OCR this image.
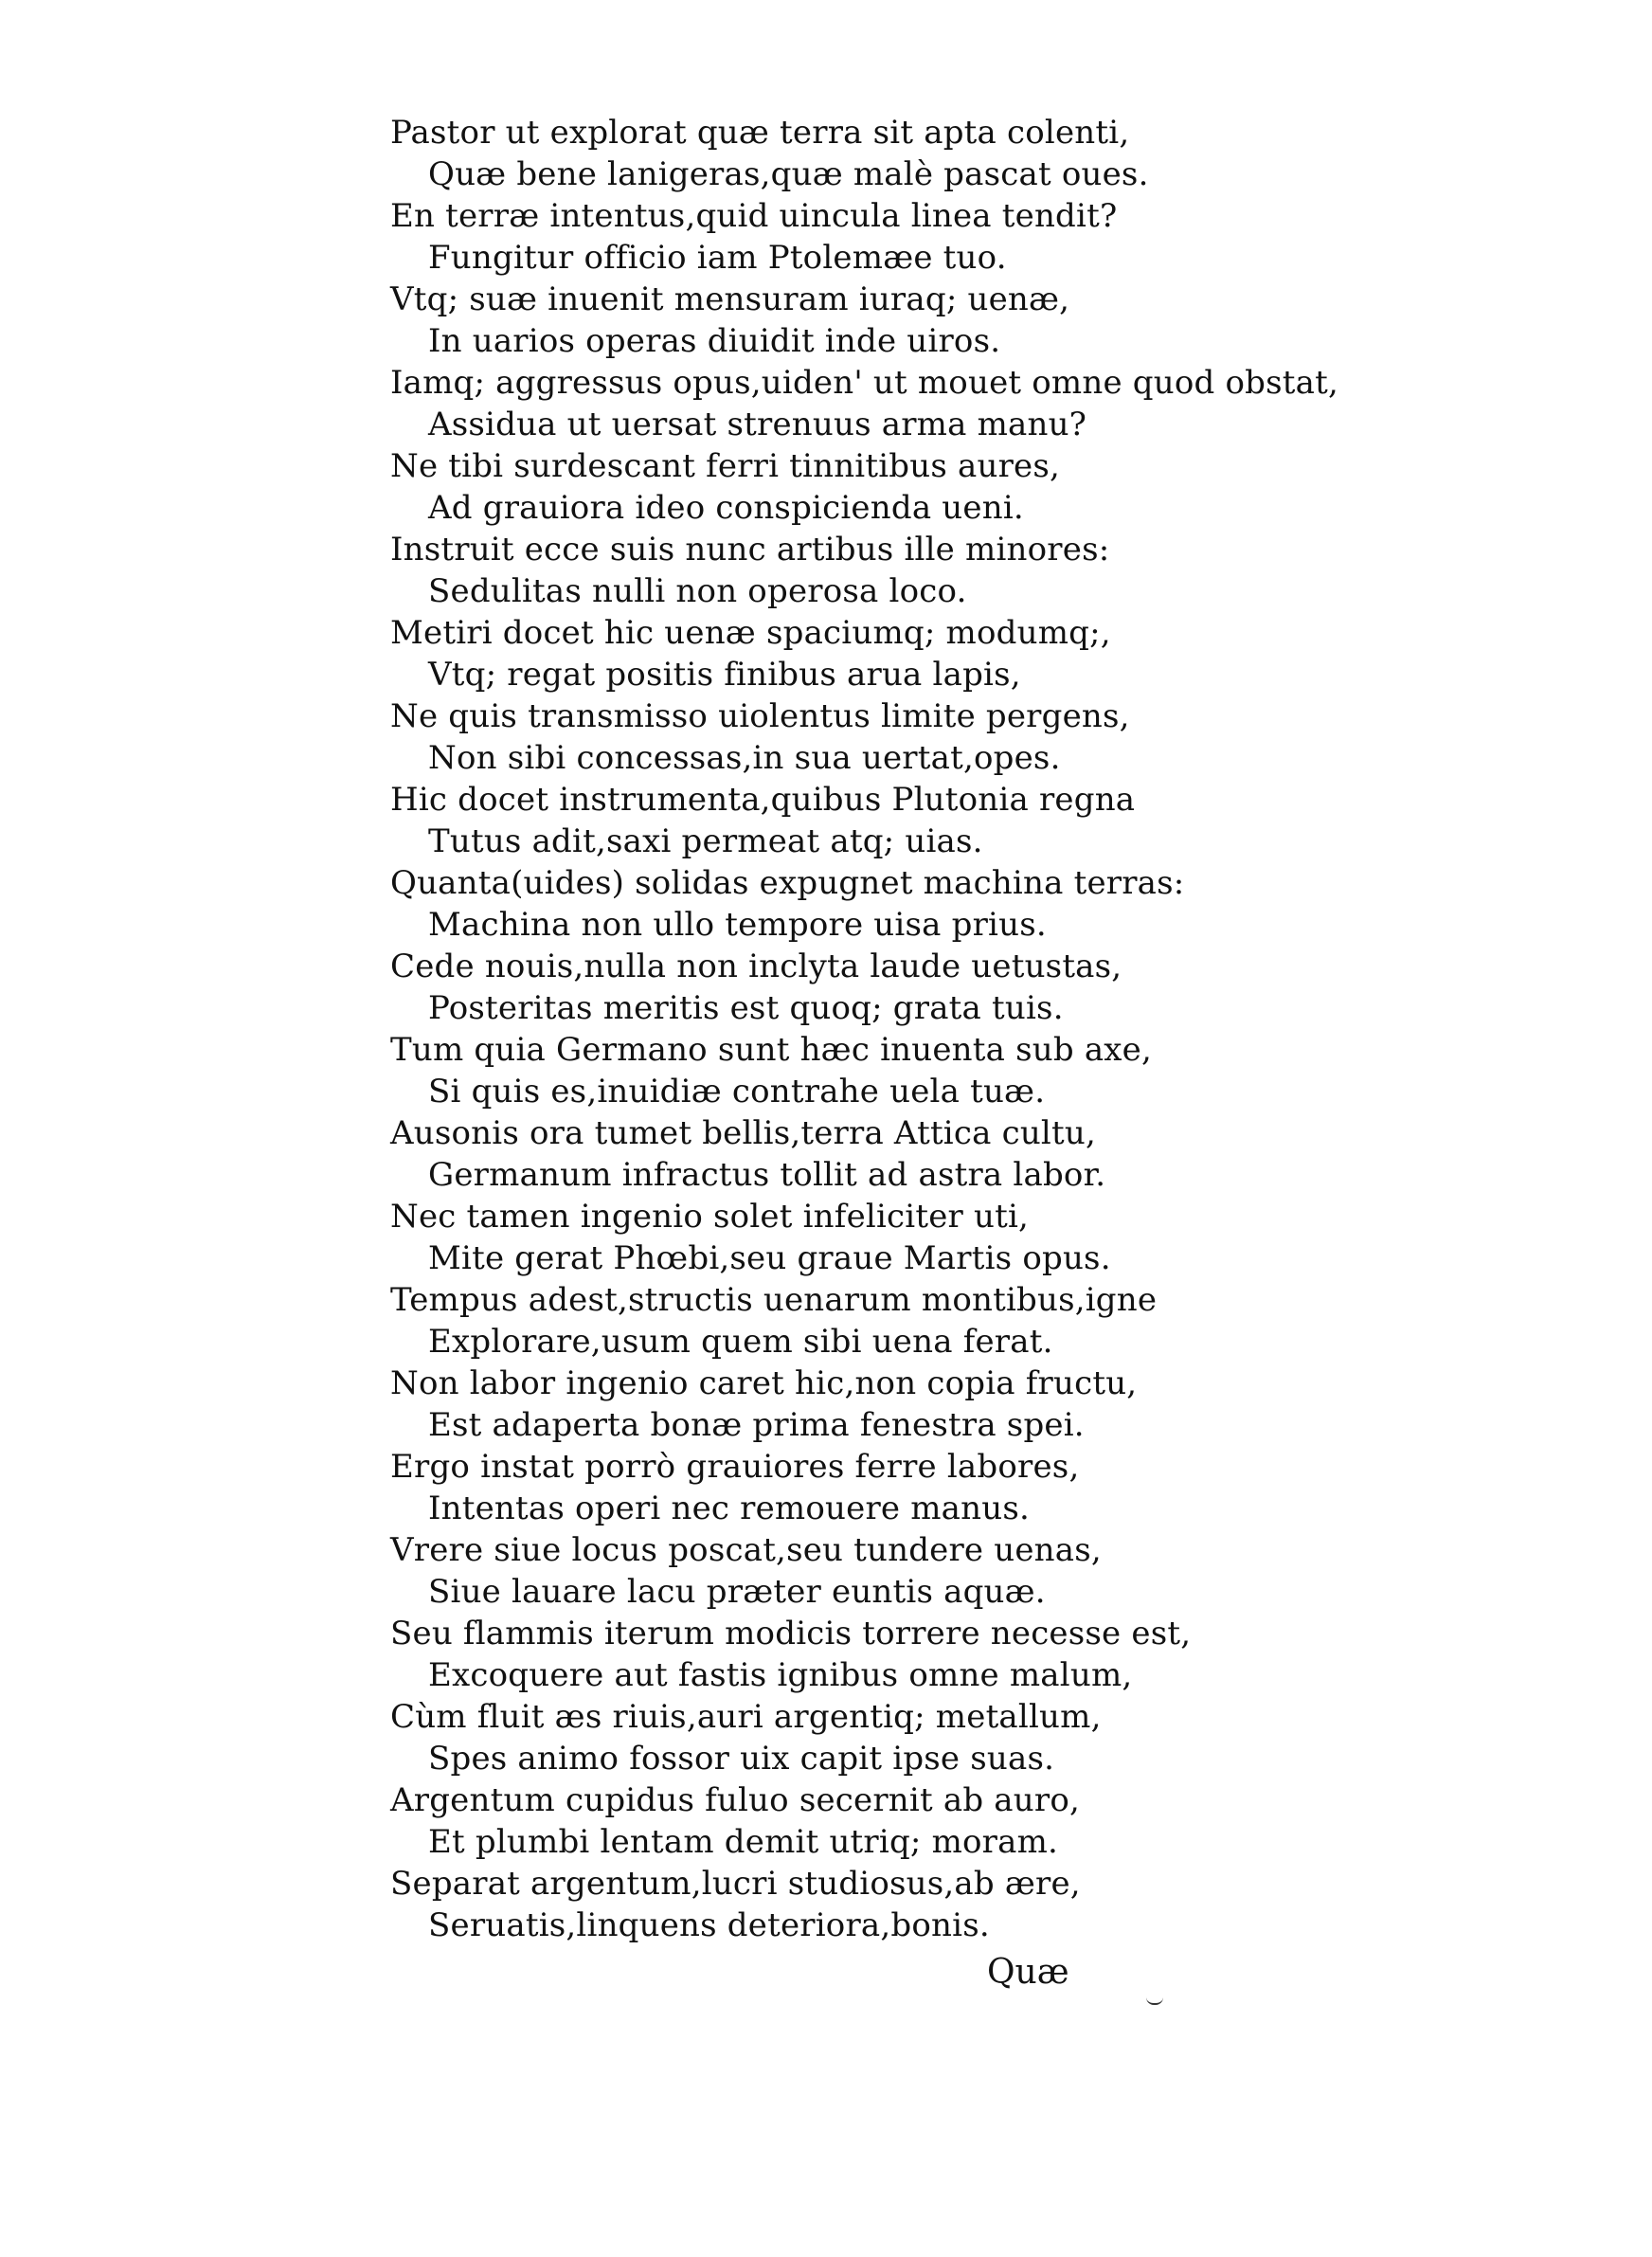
Pastor ut explorat quæ terra sit apta colenti,
Quæ bene lanigeras,quæ malè pascat oues.
En terræ intentus,quid uincula linea tendit?
Fungitur officio iam Ptolemæe tuo.
Vtq; suæ inuenit mensuram iuraq; uenæ,
In uarios operas diuidit inde uiros.
Iamq; aggressus opus,uiden' ut mouet omne quod obstat,
Assidua ut uersat strenuus arma manu?
Ne tibi surdescant ferri tinnitibus aures,
Ad grauiora ideo conspicienda ueni.
Instruit ecce suis nunc artibus ille minores:
Sedulitas nulli non operosa loco.
Metiri docet hic uenæ spaciumq; modumq;,
Vtq; regat positis finibus arua lapis,
Ne quis transmisso uiolentus limite pergens,
Non sibi concessas,in sua uertat,opes.
Hic docet instrumenta,quibus Plutonia regna
Tutus adit,saxi permeat atq; uias.
Quanta(uides) solidas expugnet machina terras:
Machina non ullo tempore uisa prius.
Cede nouis,nulla non inclyta laude uetustas,
Posteritas meritis est quoq; grata tuis.
Tum quia Germano sunt hæc inuenta sub axe,
Si quis es,inuidiæ contrahe uela tuæ.
Ausonis ora tumet bellis,terra Attica cultu,
Germanum infractus tollit ad astra labor.
Nec tamen ingenio solet infeliciter uti,
Mite gerat Phœbi,seu graue Martis opus.
Tempus adest,structis uenarum montibus,igne
Explorare,usum quem sibi uena ferat.
Non labor ingenio caret hic,non copia fructu,
Est adaperta bonæ prima fenestra spei.
Ergo instat porrò grauiores ferre labores,
Intentas operi nec remouere manus.
Vrere siue locus poscat,seu tundere uenas,
Siue lauare lacu præter euntis aquæ.
Seu flammis iterum modicis torrere necesse est,
Excoquere aut fastis ignibus omne malum,
Cùm fluit æs riuis,auri argentiq; metallum,
Spes animo fossor uix capit ipse suas.
Argentum cupidus fuluo secernit ab auro,
Et plumbi lentam demit utriq; moram.
Separat argentum,lucri studiosus,ab ære,
Seruatis,linquens deteriora,bonis.
Quæ
